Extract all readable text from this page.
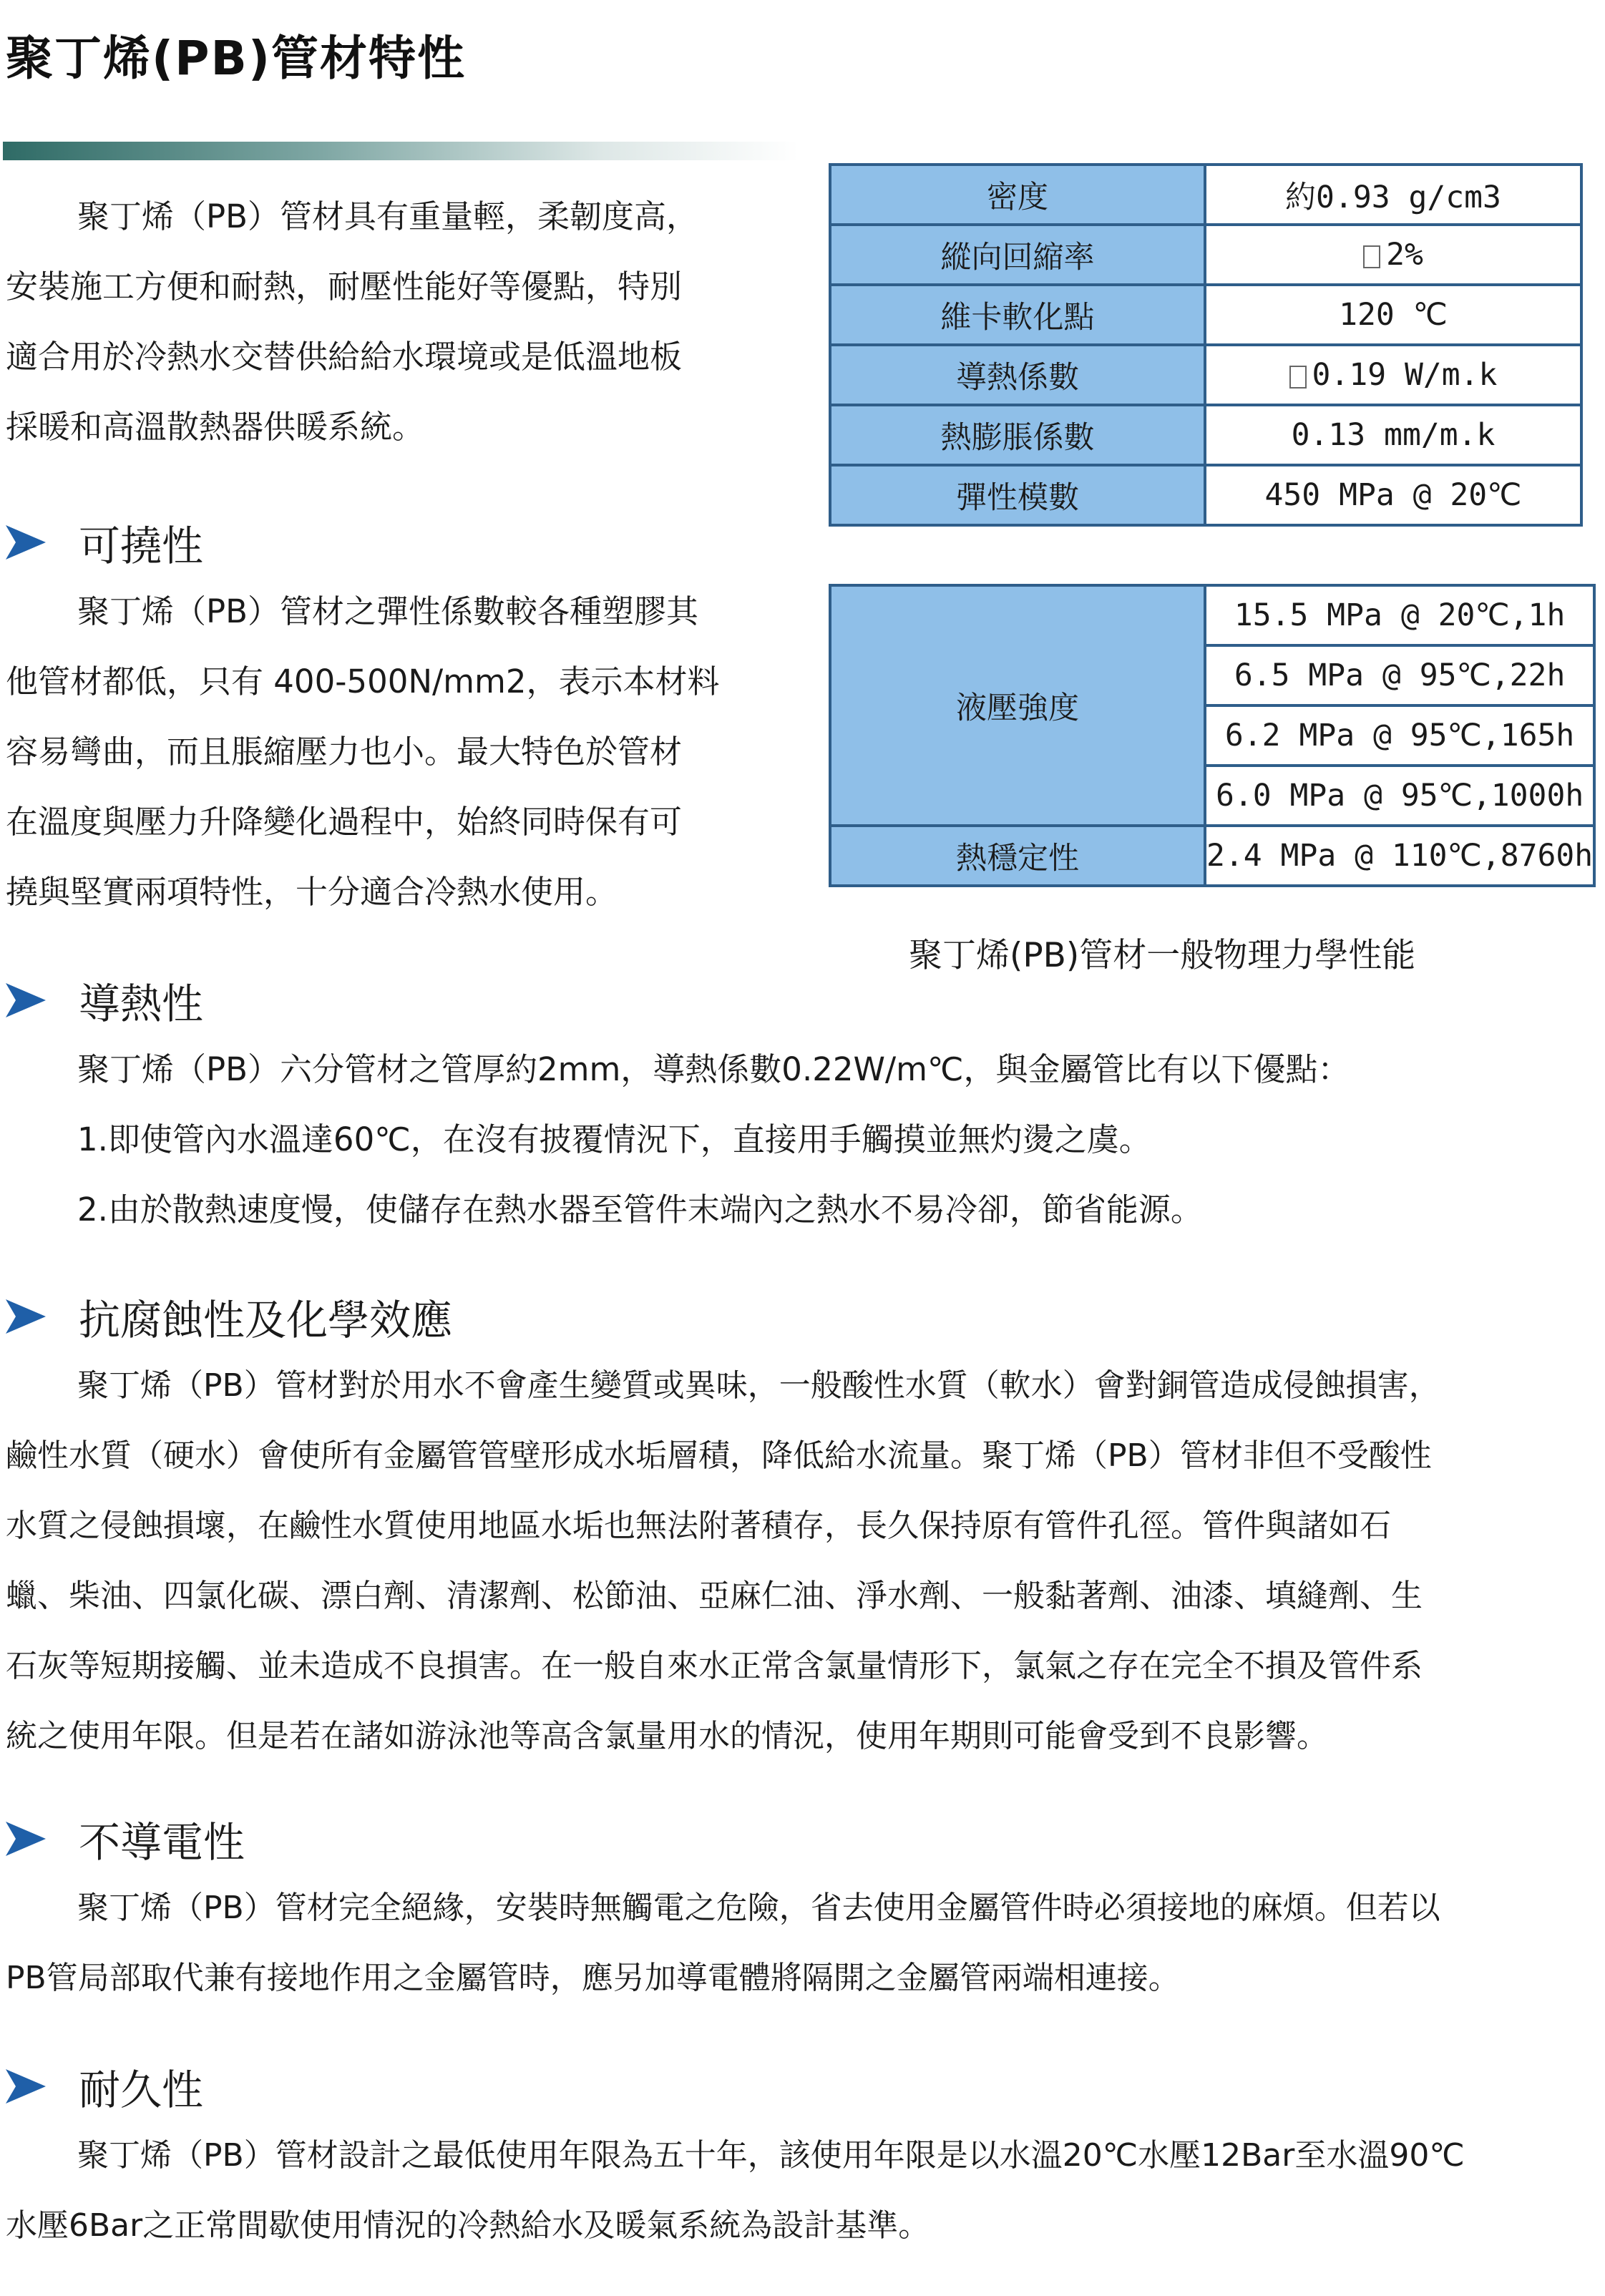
聚丁烯(PB)管材特性
聚丁烯（PB）管材具有重量輕，柔韌度高，
安裝施工方便和耐熱，耐壓性能好等優點，特別
適合用於冷熱水交替供給給水環境或是低溫地板
採暖和高溫散熱器供暖系統。
密度	約0.93 g/cm3
縱向回縮率	2%
維卡軟化點	120 ℃
導熱係數	0.19 W/m.k
熱膨脹係數	0.13 mm/m.k
彈性模數	450 MPa @ 20℃
液壓強度	15.5 MPa @ 20℃,1h
	6.5 MPa @ 95℃,22h
	6.2 MPa @ 95℃,165h
	6.0 MPa @ 95℃,1000h
熱穩定性	2.4 MPa @ 110℃,8760h
聚丁烯(PB)管材一般物理力學性能
可撓性
聚丁烯（PB）管材之彈性係數較各種塑膠其
他管材都低，只有 400-500N/mm2，表示本材料
容易彎曲，而且脹縮壓力也小。最大特色於管材
在溫度與壓力升降變化過程中，始終同時保有可
撓與堅實兩項特性，十分適合冷熱水使用。
導熱性
聚丁烯（PB）六分管材之管厚約2mm，導熱係數0.22W/m℃，與金屬管比有以下優點：
1.即使管內水溫達60℃，在沒有披覆情況下，直接用手觸摸並無灼燙之虞。
2.由於散熱速度慢，使儲存在熱水器至管件末端內之熱水不易冷卻，節省能源。
抗腐蝕性及化學效應
聚丁烯（PB）管材對於用水不會產生變質或異味，一般酸性水質（軟水）會對銅管造成侵蝕損害，
鹼性水質（硬水）會使所有金屬管管壁形成水垢層積，降低給水流量。聚丁烯（PB）管材非但不受酸性
水質之侵蝕損壞，在鹼性水質使用地區水垢也無法附著積存，長久保持原有管件孔徑。管件與諸如石
蠟、柴油、四氯化碳、漂白劑、清潔劑、松節油、亞麻仁油、淨水劑、一般黏著劑、油漆、填縫劑、生
石灰等短期接觸、並未造成不良損害。在一般自來水正常含氯量情形下，氯氣之存在完全不損及管件系
統之使用年限。但是若在諸如游泳池等高含氯量用水的情況，使用年期則可能會受到不良影響。
不導電性
聚丁烯（PB）管材完全絕緣，安裝時無觸電之危險，省去使用金屬管件時必須接地的麻煩。但若以
PB管局部取代兼有接地作用之金屬管時，應另加導電體將隔開之金屬管兩端相連接。
耐久性
聚丁烯（PB）管材設計之最低使用年限為五十年，該使用年限是以水溫20℃水壓12Bar至水溫90℃
水壓6Bar之正常間歇使用情況的冷熱給水及暖氣系統為設計基準。
